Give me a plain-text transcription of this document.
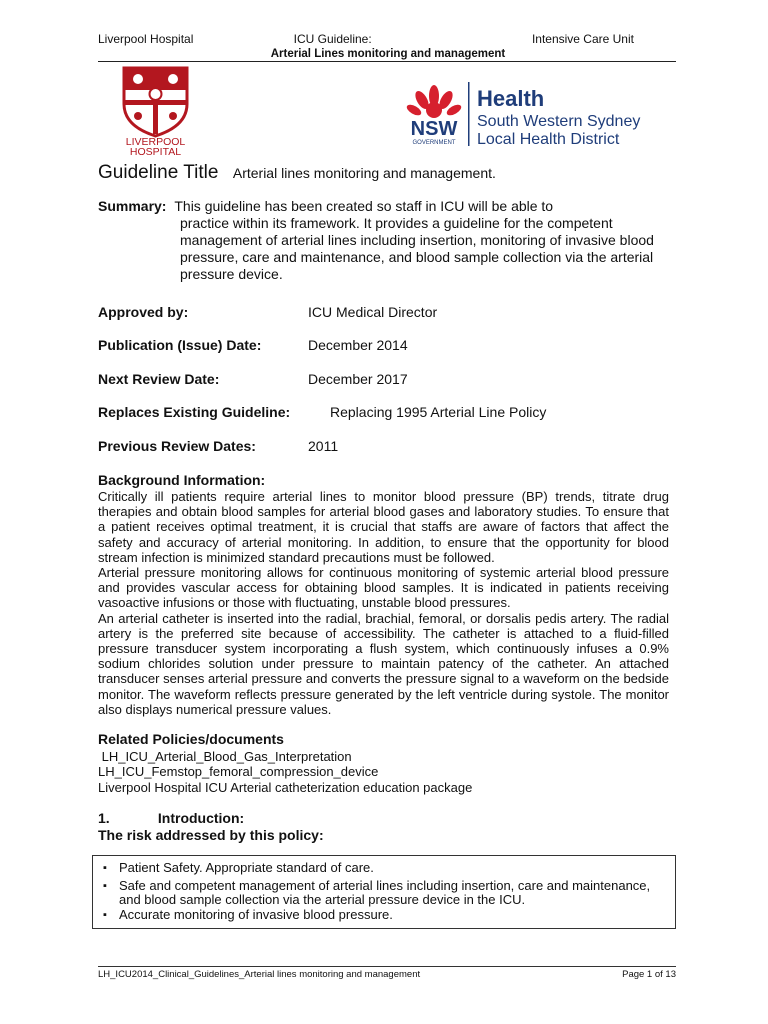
Liverpool Hospital	ICU Guideline:	Intensive Care Unit
Arterial Lines monitoring and management
LIVERPOOL
HOSPITAL
NSW
GOVERNMENT
Health
South Western Sydney
Local Health District
Guideline Title Arterial lines monitoring and management.
Summary: This guideline has been created so staff in ICU will be able to
practice within its framework. It provides a guideline for the competent management of arterial lines including insertion, monitoring of invasive blood pressure, care and maintenance, and blood sample collection via the arterial pressure device.
Approved by:	ICU Medical Director
Publication (Issue) Date:	December 2014
Next Review Date:	December 2017
Replaces Existing Guideline:	Replacing 1995 Arterial Line Policy
Previous Review Dates:	2011
Background Information:

Critically ill patients require arterial lines to monitor blood pressure (BP) trends, titrate drug therapies and obtain blood samples for arterial blood gases and laboratory studies. To ensure that a patient receives optimal treatment, it is crucial that staffs are aware of factors that affect the safety and accuracy of arterial monitoring. In addition, to ensure that the opportunity for blood stream infection is minimized standard precautions must be followed.

Arterial pressure monitoring allows for continuous monitoring of systemic arterial blood pressure and provides vascular access for obtaining blood samples. It is indicated in patients receiving vasoactive infusions or those with fluctuating, unstable blood pressures.

An arterial catheter is inserted into the radial, brachial, femoral, or dorsalis pedis artery. The radial artery is the preferred site because of accessibility. The catheter is attached to a fluid-filled pressure transducer system incorporating a flush system, which continuously infuses a 0.9% sodium chlorides solution under pressure to maintain patency of the catheter. An attached transducer senses arterial pressure and converts the pressure signal to a waveform on the bedside monitor. The waveform reflects pressure generated by the left ventricle during systole. The monitor also displays numerical pressure values.

Related Policies/documents
LH_ICU_Arterial_Blood_Gas_Interpretation
LH_ICU_Femstop_femoral_compression_device
Liverpool Hospital ICU Arterial catheterization education package
1.	Introduction:
The risk addressed by this policy:
▪ Patient Safety. Appropriate standard of care.
▪ Safe and competent management of arterial lines including insertion, care and maintenance, and blood sample collection via the arterial pressure device in the ICU.
▪ Accurate monitoring of invasive blood pressure.
LH_ICU2014_Clinical_Guidelines_Arterial lines monitoring and management	Page 1 of 13
